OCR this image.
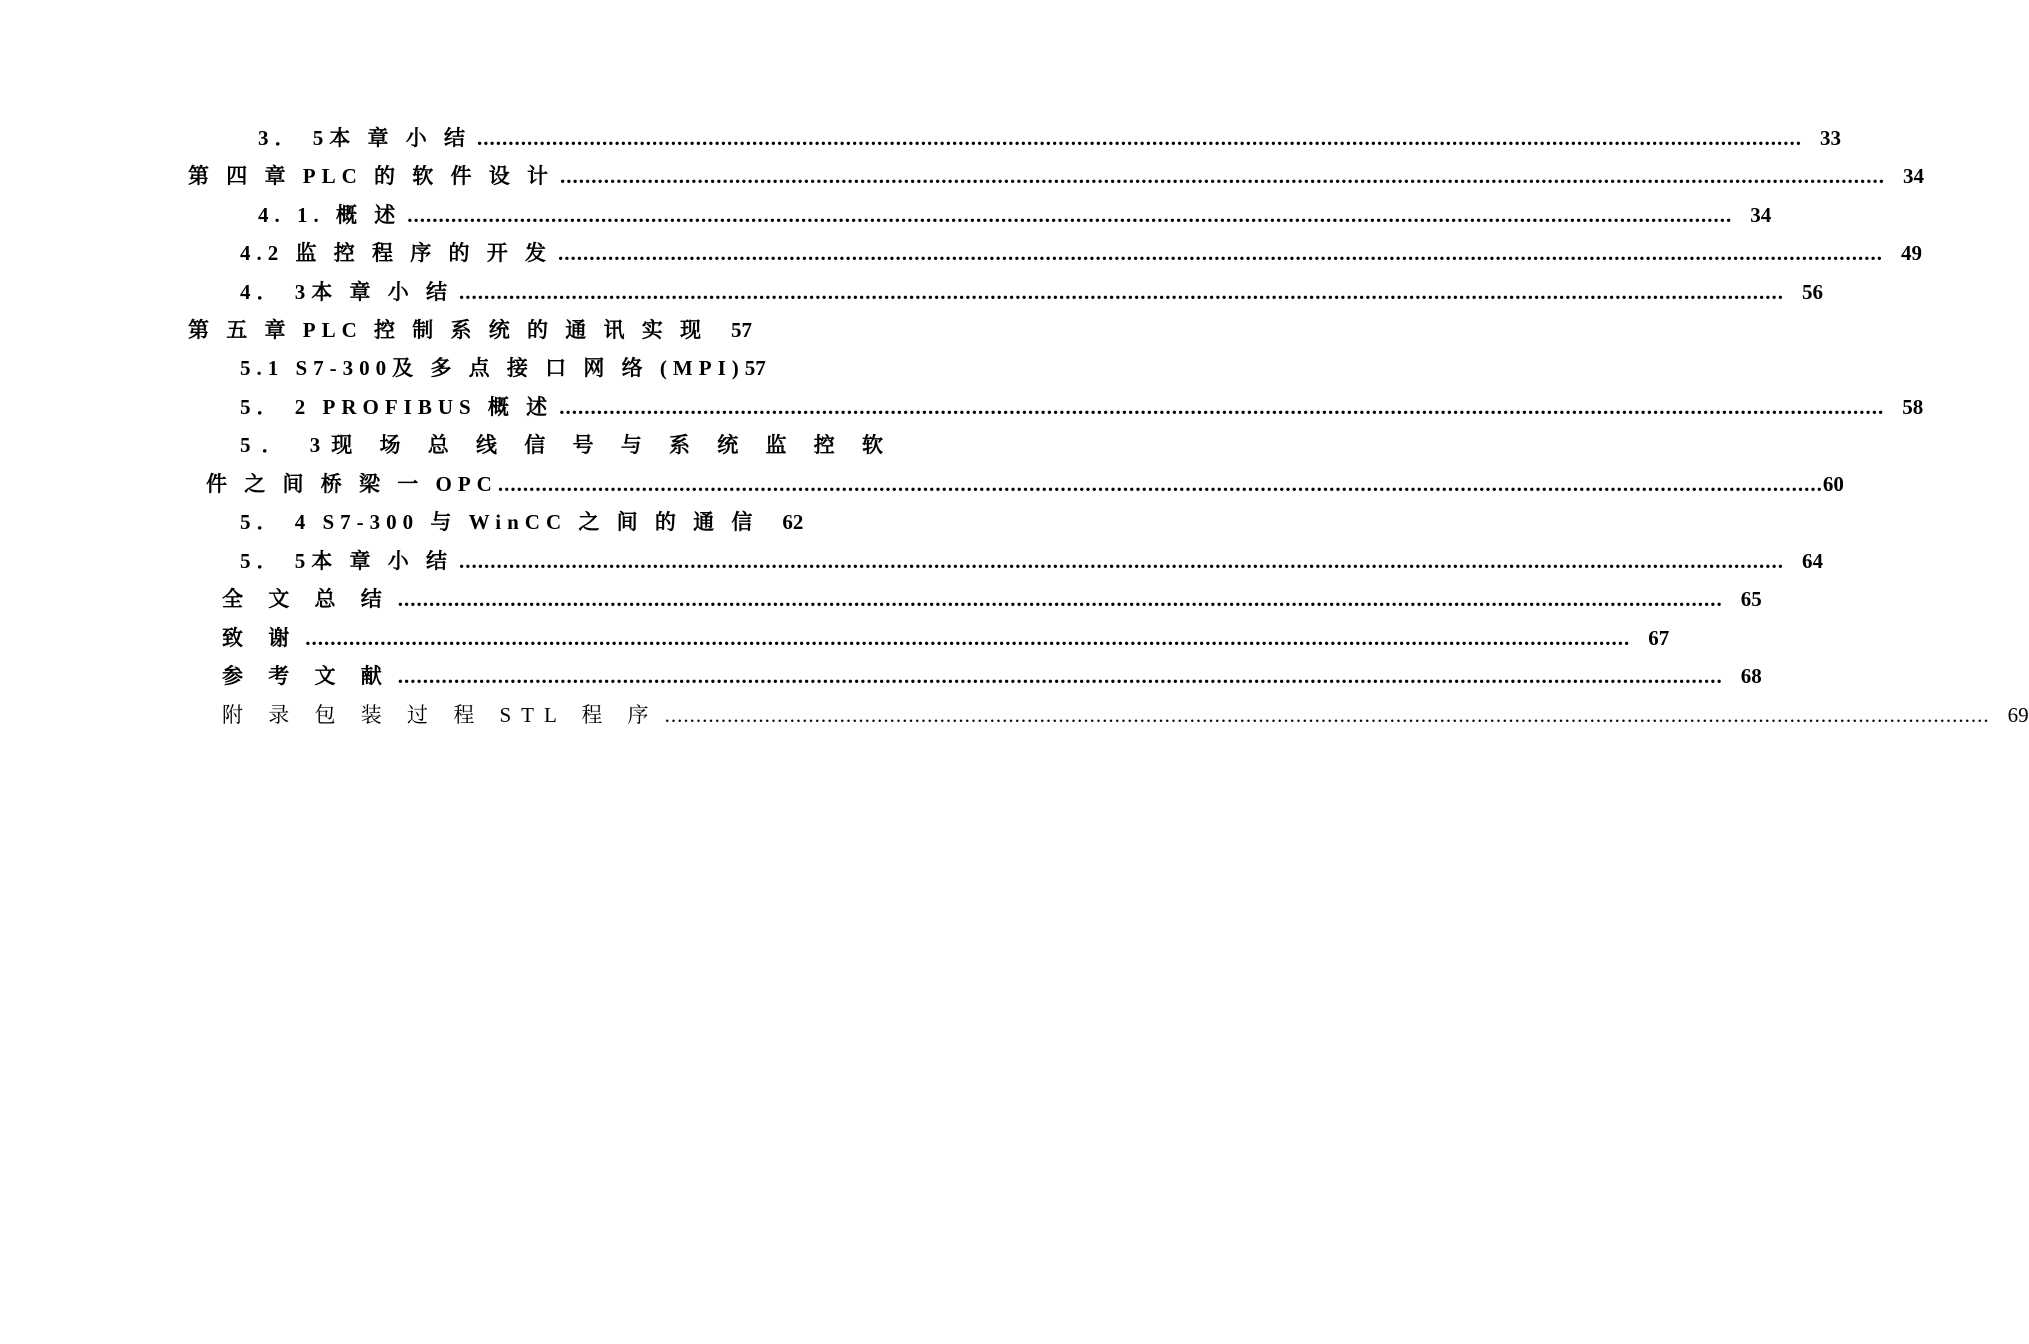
3． 5本 章 小 结 .....	33
第 四 章 PLC 的 软 件 设 计 .....	34
4. 1. 概 述 .....	34
4.2 监 控 程 序 的 开 发 .....	49
4． 3本 章 小 结 .....	56
第 五 章 PLC 控 制 系 统 的 通 讯 实 现 57
5.1 S7-300及 多 点 接 口 网 络 (MPI) 57
5． 2 PROFIBUS 概 述 .....	58
5． 3现 场 总 线 信 号 与 系 统 监 控 软
件 之 间 桥 梁 一 OPC .....	60
5． 4 S7-300 与 WinCC 之 间 的 通 信 62
5． 5本 章 小 结 .....	64
全 文 总 结 .....	65
致 谢 .....	67
参 考 文 献 .....	68
附 录 包 装 过 程 STL 程 序 .....	69
